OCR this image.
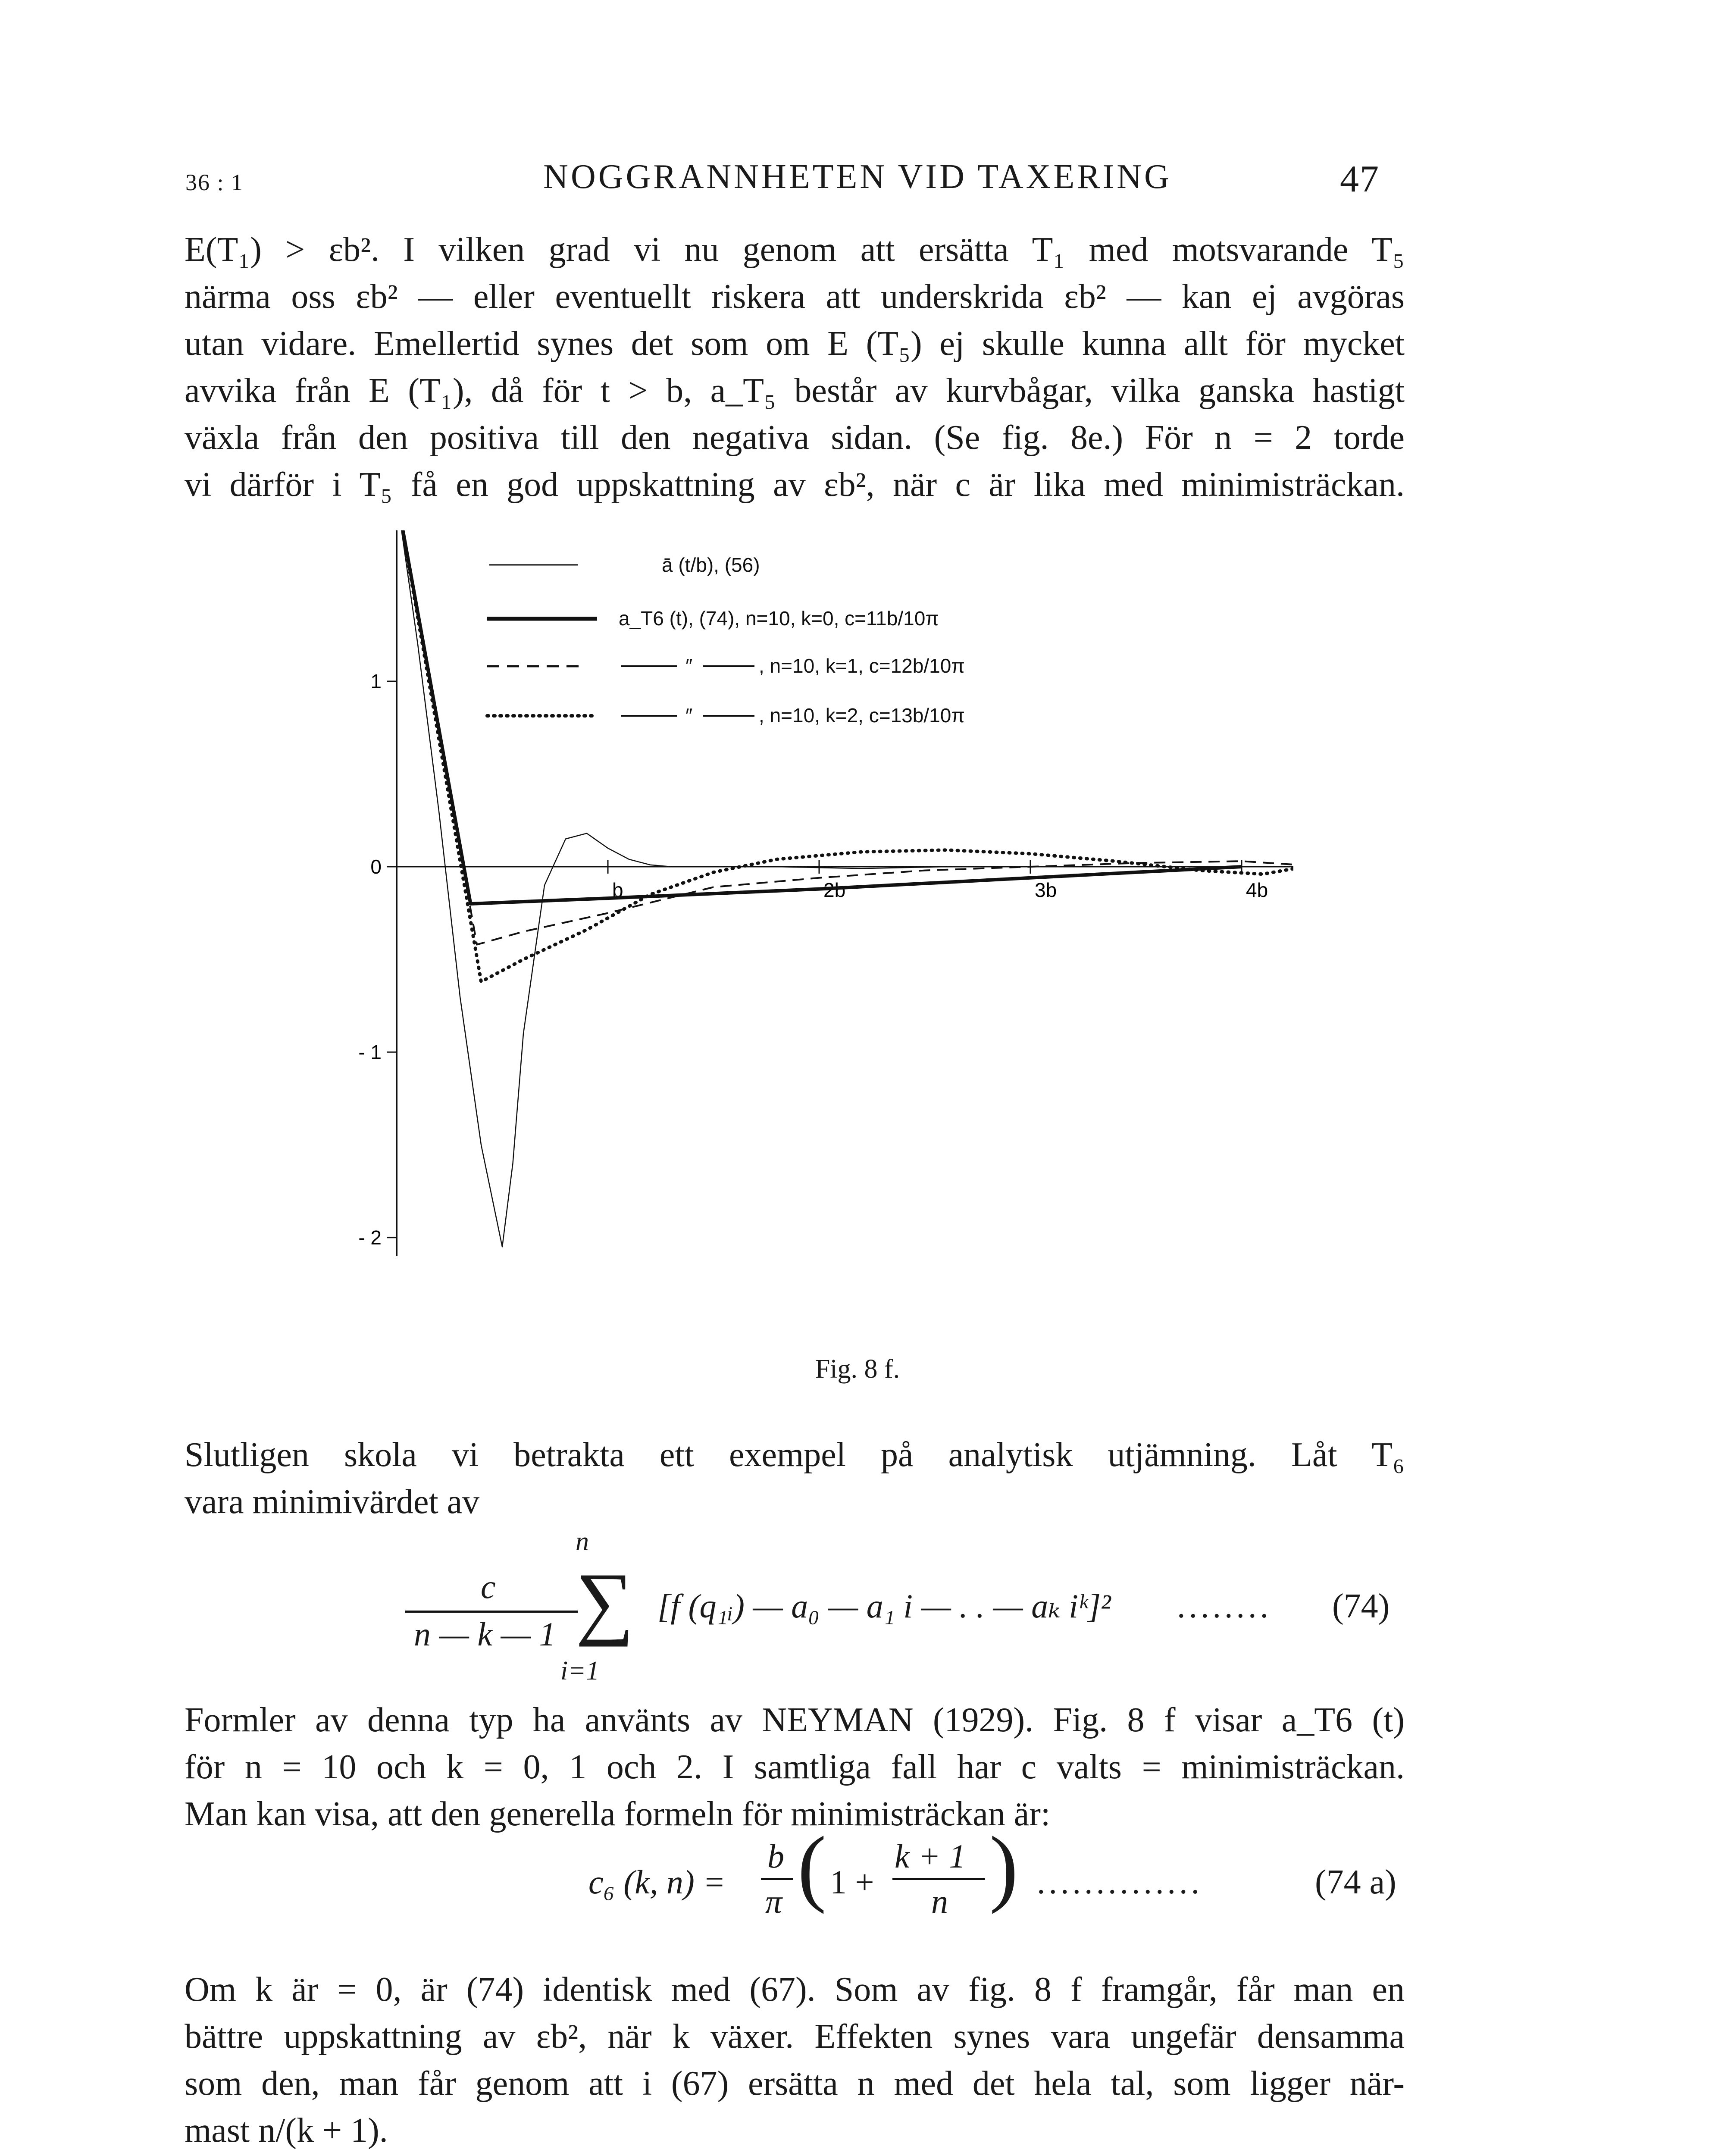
36 : 1	NOGGRANNHETEN VID TAXERING	47
E(T₁) > εb². I vilken grad vi nu genom att ersätta T₁ med motsvarande T₅
närma oss εb² — eller eventuellt riskera att underskrida εb² — kan ej avgöras
utan vidare. Emellertid synes det som om E (T₅) ej skulle kunna allt för mycket
avvika från E (T₁), då för t > b, a_T₅ består av kurvbågar, vilka ganska hastigt
växla från den positiva till den negativa sidan. (Se fig. 8e.) För n = 2 torde
vi därför i T₅ få en god uppskattning av εb², när c är lika med minimisträckan.
1
0
- 1
- 2
b	2b	3b	4b
ā (t/b), (56)
a_T6 (t), (74), n=10, k=0, c=11b/10π
″	, n=10, k=1, c=12b/10π
″	, n=10, k=2, c=13b/10π
Fig. 8 f.
Slutligen skola vi betrakta ett exempel på analytisk utjämning. Låt T₆
vara minimivärdet av
c
n — k — 1
n
∑
i=1
[f (q₁ᵢ) — a₀ — a₁ i — . . — aₖ iᵏ]² ........ (74)
Formler av denna typ ha använts av NEYMAN (1929). Fig. 8 f visar a_T6 (t)
för n = 10 och k = 0, 1 och 2. I samtliga fall har c valts = minimisträckan.
Man kan visa, att den generella formeln för minimisträckan är:
c₆ (k, n) =
b
π ( 1 +
k + 1
n ) ..............	(74 a)
Om k är = 0, är (74) identisk med (67). Som av fig. 8 f framgår, får man en
bättre uppskattning av εb², när k växer. Effekten synes vara ungefär densamma
som den, man får genom att i (67) ersätta n med det hela tal, som ligger när-
mast n/(k + 1).
